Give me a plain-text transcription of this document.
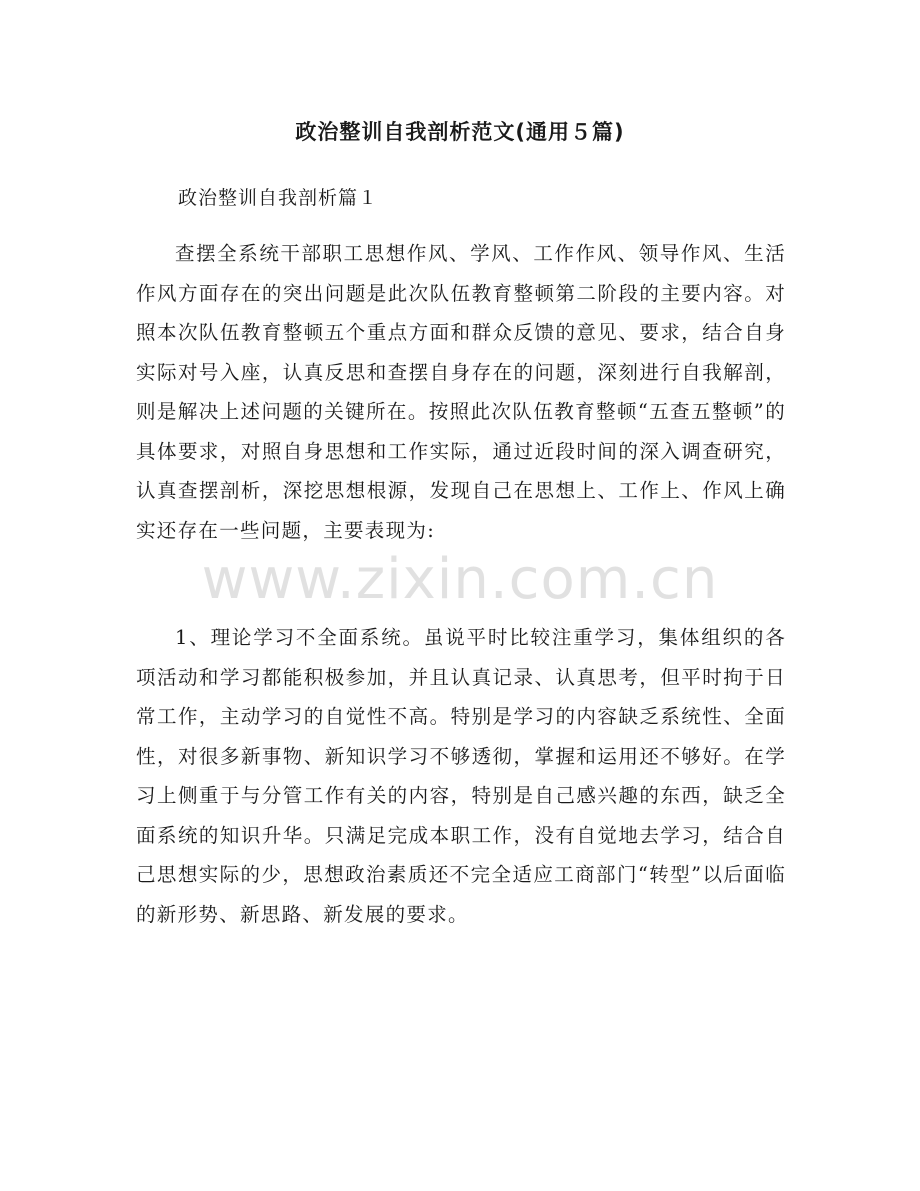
政治整训自我剖析范文(通用５篇)

政治整训自我剖析篇１

查摆全系统干部职工思想作风、学风、工作作风、领导作风、生活作风方面存在的突出问题是此次队伍教育整顿第二阶段的主要内容。对照本次队伍教育整顿五个重点方面和群众反馈的意见、要求，结合自身实际对号入座，认真反思和查摆自身存在的问题，深刻进行自我解剖，则是解决上述问题的关键所在。按照此次队伍教育整顿“五查五整顿”的具体要求，对照自身思想和工作实际，通过近段时间的深入调查研究，认真查摆剖析，深挖思想根源，发现自己在思想上、工作上、作风上确实还存在一些问题，主要表现为:

1、理论学习不全面系统。虽说平时比较注重学习，集体组织的各项活动和学习都能积极参加，并且认真记录、认真思考，但平时拘于日常工作，主动学习的自觉性不高。特别是学习的内容缺乏系统性、全面性，对很多新事物、新知识学习不够透彻，掌握和运用还不够好。在学习上侧重于与分管工作有关的内容，特别是自己感兴趣的东西，缺乏全面系统的知识升华。只满足完成本职工作，没有自觉地去学习，结合自己思想实际的少，思想政治素质还不完全适应工商部门“转型”以后面临的新形势、新思路、新发展的要求。

www.zixin.com.cn
